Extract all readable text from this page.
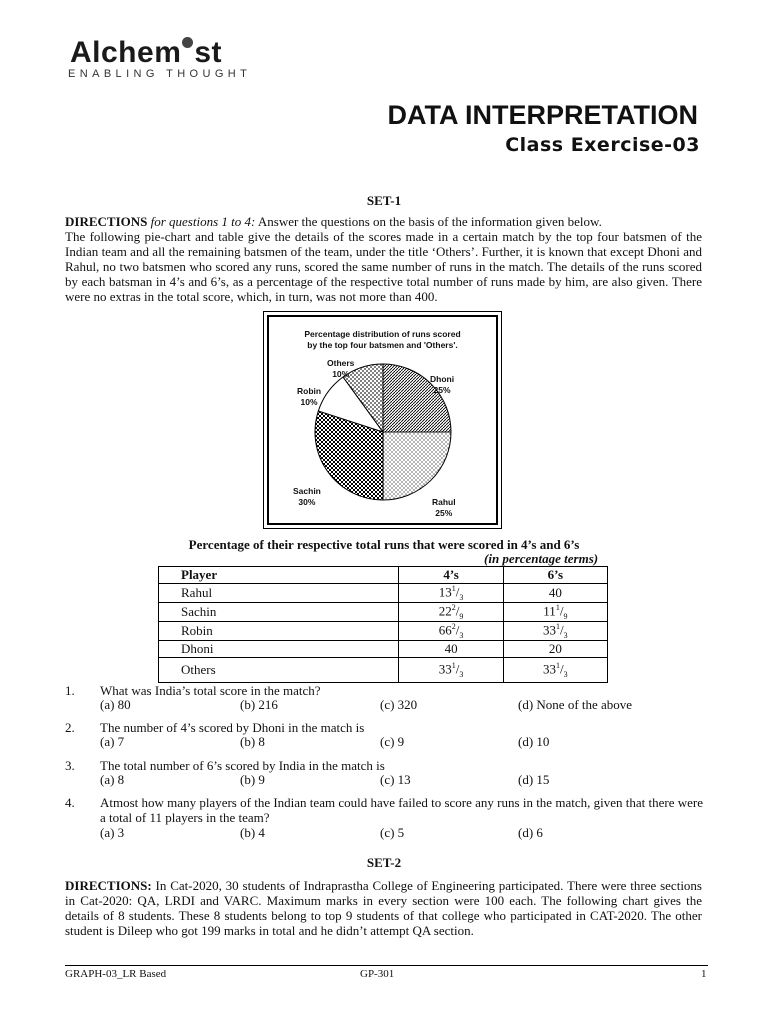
Alchem st
ENABLING THOUGHT
DATA INTERPRETATION
Class Exercise-03
SET-1
DIRECTIONS for questions 1 to 4: Answer the questions on the basis of the information given below.
The following pie-chart and table give the details of the scores made in a certain match by the top four batsmen of the Indian team and all the remaining batsmen of the team, under the title ‘Others’. Further, it is known that except Dhoni and Rahul, no two batsmen who scored any runs, scored the same number of runs in the match. The details of the runs scored by each batsman in 4’s and 6’s, as a percentage of the respective total number of runs made by him, are also given. There were no extras in the total score, which, in turn, was not more than 400.
Percentage distribution of runs scored
by the top four batsmen and 'Others'.
Others
10%	Dhoni
25%
Robin
10%
Sachin
30%	Rahul
25%
Percentage of their respective total runs that were scored in 4’s and 6’s
(in percentage terms)
Player	4’s	6’s
Rahul	$13^1/_3$	40
Sachin	$22^2/_9$	$11^1/_9$
Robin	$66^2/_3$	$33^1/_3$
Dhoni	40	20
Others	$33^1/_3$	$33^1/_3$
1. What was India’s total score in the match?
(a) 80	(b) 216	(c) 320	(d) None of the above
2. The number of 4’s scored by Dhoni in the match is
(a) 7	(b) 8	(c) 9	(d) 10
3. The total number of 6’s scored by India in the match is
(a) 8	(b) 9	(c) 13	(d) 15
4. Atmost how many players of the Indian team could have failed to score any runs in the match, given that there were a total of 11 players in the team?
(a) 3	(b) 4	(c) 5	(d) 6
SET-2
DIRECTIONS: In Cat-2020, 30 students of Indraprastha College of Engineering participated. There were three sections in Cat-2020: QA, LRDI and VARC. Maximum marks in every section were 100 each. The following chart gives the details of 8 students. These 8 students belong to top 9 students of that college who participated in CAT-2020. The other student is Dileep who got 199 marks in total and he didn’t attempt QA section.
GRAPH-03_LR Based	GP-301	1
